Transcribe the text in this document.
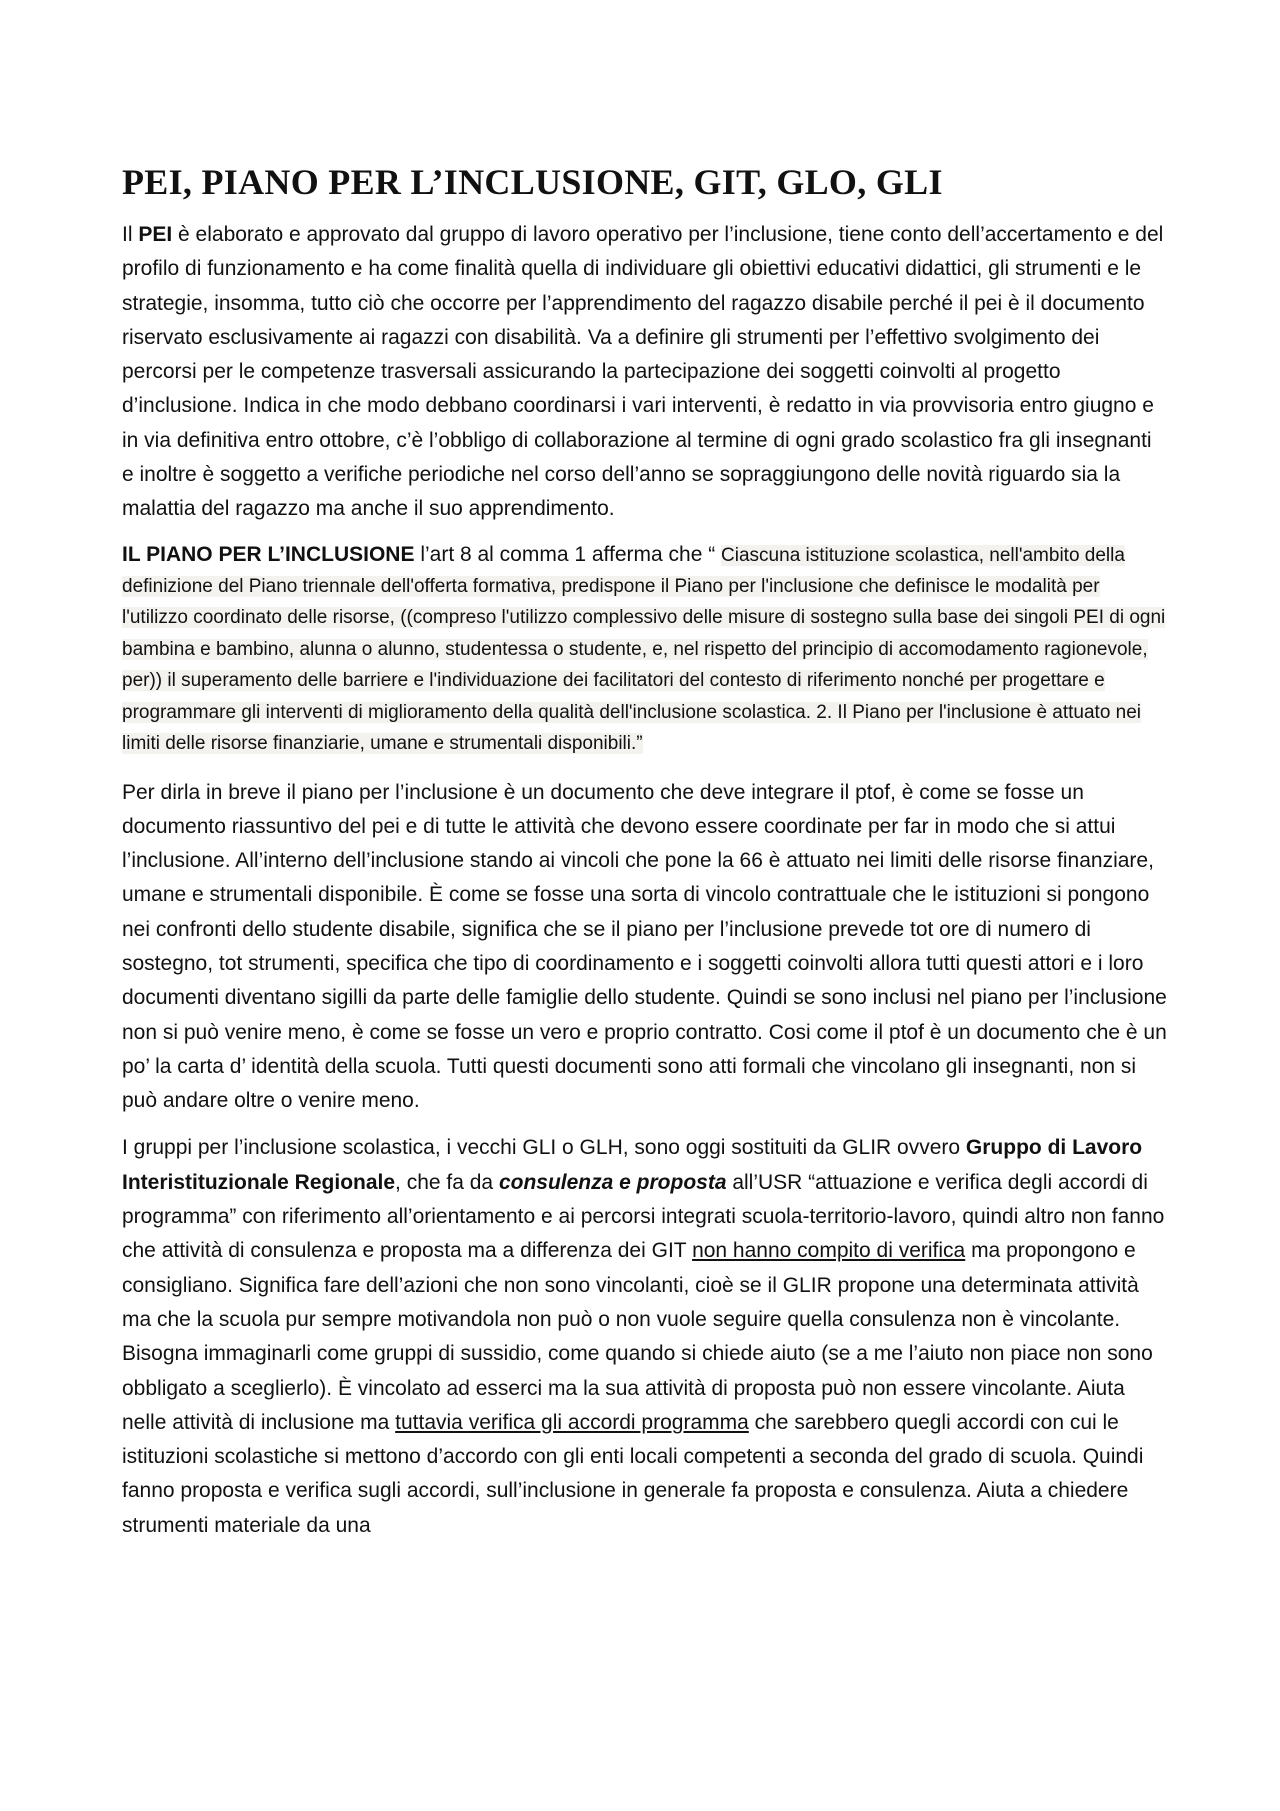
PEI, PIANO PER L’INCLUSIONE, GIT, GLO, GLI

Il PEI è elaborato e approvato dal gruppo di lavoro operativo per l’inclusione, tiene conto dell’accertamento e del profilo di funzionamento e ha come finalità quella di individuare gli obiettivi educativi didattici, gli strumenti e le strategie, insomma, tutto ciò che occorre per l’apprendimento del ragazzo disabile perché il pei è il documento riservato esclusivamente ai ragazzi con disabilità. Va a definire gli strumenti per l’effettivo svolgimento dei percorsi per le competenze trasversali assicurando la partecipazione dei soggetti coinvolti al progetto d’inclusione. Indica in che modo debbano coordinarsi i vari interventi, è redatto in via provvisoria entro giugno e in via definitiva entro ottobre, c’è l’obbligo di collaborazione al termine di ogni grado scolastico fra gli insegnanti e inoltre è soggetto a verifiche periodiche nel corso dell’anno se sopraggiungono delle novità riguardo sia la malattia del ragazzo ma anche il suo apprendimento.

IL PIANO PER L’INCLUSIONE l’art 8 al comma 1 afferma che “ Ciascuna istituzione scolastica, nell'ambito della definizione del Piano triennale dell'offerta formativa, predispone il Piano per l'inclusione che definisce le modalità per l'utilizzo coordinato delle risorse, ((compreso l'utilizzo complessivo delle misure di sostegno sulla base dei singoli PEI di ogni bambina e bambino, alunna o alunno, studentessa o studente, e, nel rispetto del principio di accomodamento ragionevole, per)) il superamento delle barriere e l'individuazione dei facilitatori del contesto di riferimento nonché per progettare e programmare gli interventi di miglioramento della qualità dell'inclusione scolastica. 2. Il Piano per l'inclusione è attuato nei limiti delle risorse finanziarie, umane e strumentali disponibili.”

Per dirla in breve il piano per l’inclusione è un documento che deve integrare il ptof, è come se fosse un documento riassuntivo del pei e di tutte le attività che devono essere coordinate per far in modo che si attui l’inclusione. All’interno dell’inclusione stando ai vincoli che pone la 66 è attuato nei limiti delle risorse finanziare, umane e strumentali disponibile. È come se fosse una sorta di vincolo contrattuale che le istituzioni si pongono nei confronti dello studente disabile, significa che se il piano per l’inclusione prevede tot ore di numero di sostegno, tot strumenti, specifica che tipo di coordinamento e i soggetti coinvolti allora tutti questi attori e i loro documenti diventano sigilli da parte delle famiglie dello studente. Quindi se sono inclusi nel piano per l’inclusione non si può venire meno, è come se fosse un vero e proprio contratto. Cosi come il ptof è un documento che è un po’ la carta d’ identità della scuola. Tutti questi documenti sono atti formali che vincolano gli insegnanti, non si può andare oltre o venire meno.

I gruppi per l’inclusione scolastica, i vecchi GLI o GLH, sono oggi sostituiti da GLIR ovvero Gruppo di Lavoro Interistituzionale Regionale, che fa da consulenza e proposta all’USR “attuazione e verifica degli accordi di programma” con riferimento all’orientamento e ai percorsi integrati scuola-territorio-lavoro, quindi altro non fanno che attività di consulenza e proposta ma a differenza dei GIT non hanno compito di verifica ma propongono e consigliano. Significa fare dell’azioni che non sono vincolanti, cioè se il GLIR propone una determinata attività ma che la scuola pur sempre motivandola non può o non vuole seguire quella consulenza non è vincolante. Bisogna immaginarli come gruppi di sussidio, come quando si chiede aiuto (se a me l’aiuto non piace non sono obbligato a sceglierlo). È vincolato ad esserci ma la sua attività di proposta può non essere vincolante. Aiuta nelle attività di inclusione ma tuttavia verifica gli accordi programma che sarebbero quegli accordi con cui le istituzioni scolastiche si mettono d’accordo con gli enti locali competenti a seconda del grado di scuola. Quindi fanno proposta e verifica sugli accordi, sull’inclusione in generale fa proposta e consulenza. Aiuta a chiedere strumenti materiale da una
